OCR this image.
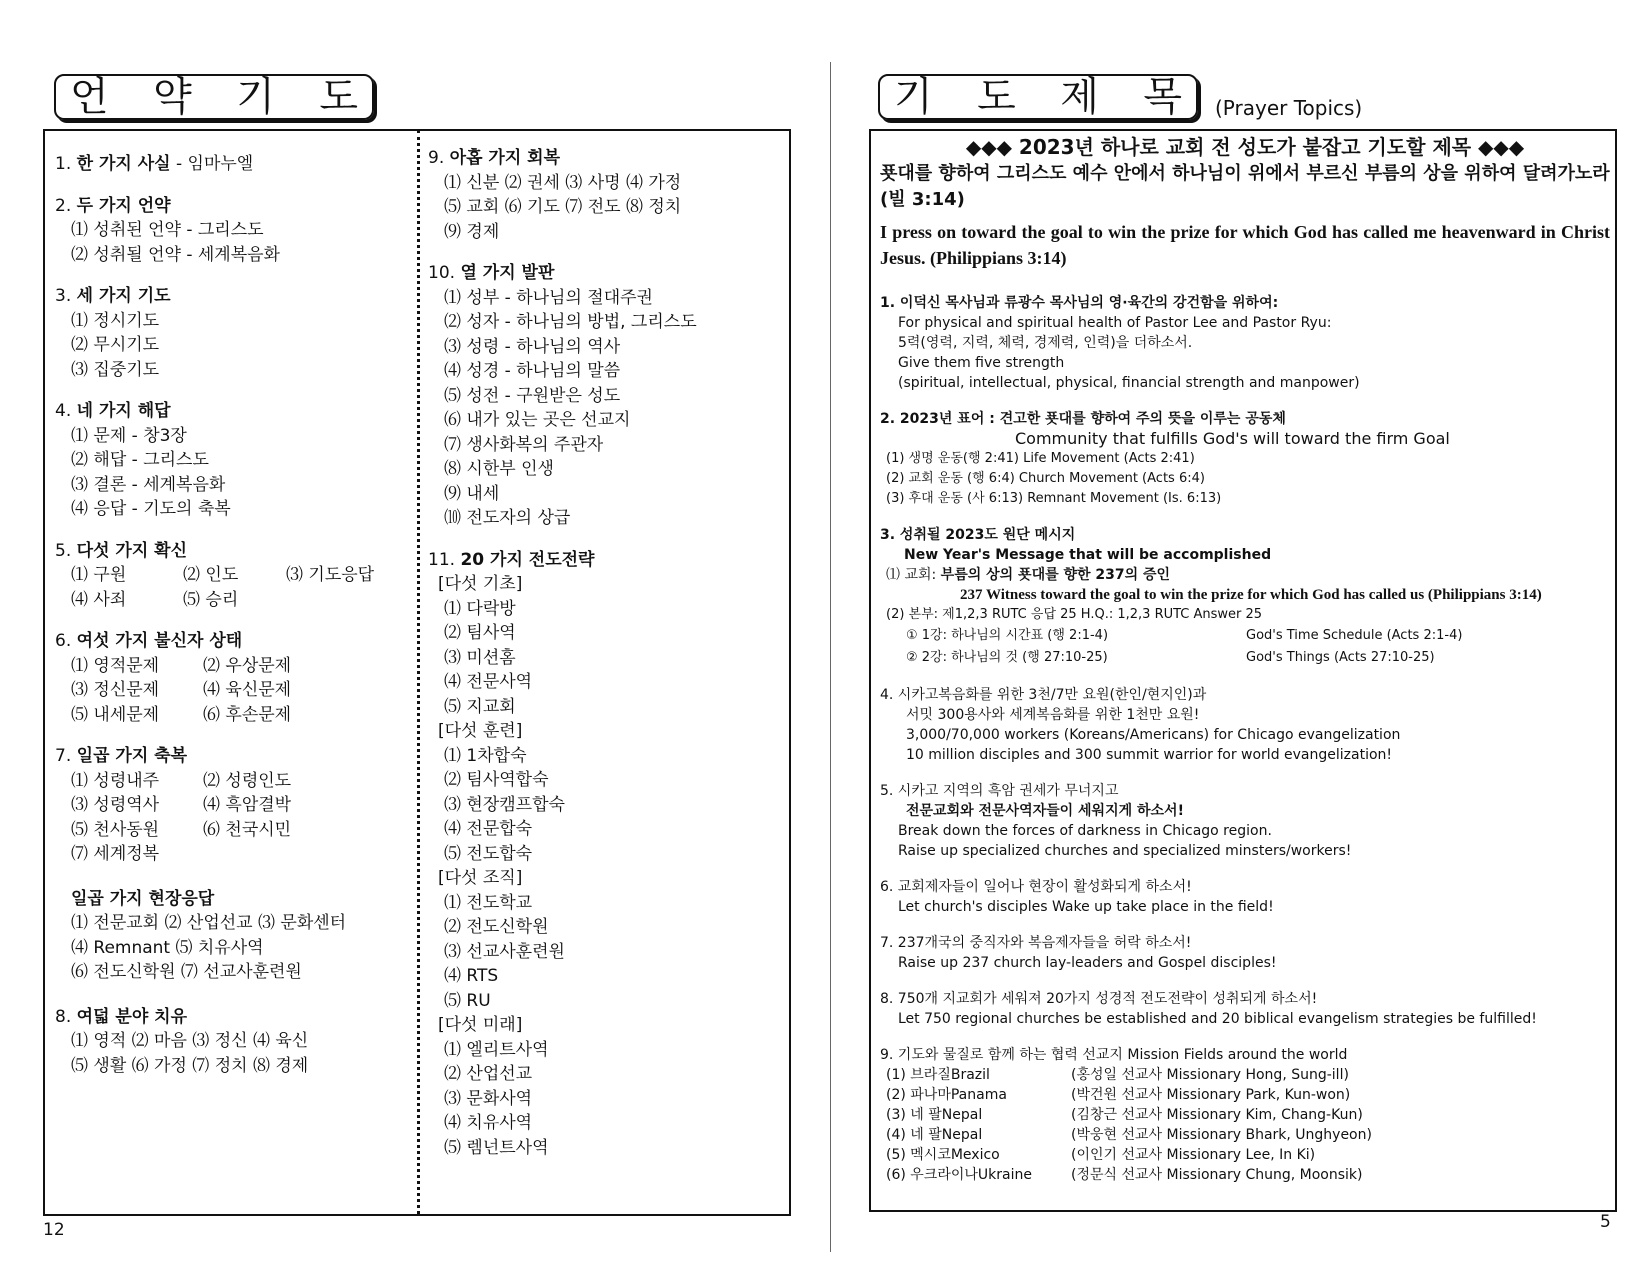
언 약 기 도	기 도 제 목 (Prayer Topics)
1. 한 가지 사실 - 임마누엘
2. 두 가지 언약
⑴ 성취된 언약 - 그리스도
⑵ 성취될 언약 - 세계복음화
3. 세 가지 기도
⑴ 정시기도
⑵ 무시기도
⑶ 집중기도
4. 네 가지 해답
⑴ 문제 - 창3장
⑵ 해답 - 그리스도
⑶ 결론 - 세계복음화
⑷ 응답 - 기도의 축복
5. 다섯 가지 확신
⑴ 구원	⑵ 인도	⑶ 기도응답
⑷ 사죄	⑸ 승리
6. 여섯 가지 불신자 상태
⑴ 영적문제	⑵ 우상문제
⑶ 정신문제	⑷ 육신문제
⑸ 내세문제	⑹ 후손문제
7. 일곱 가지 축복
⑴ 성령내주	⑵ 성령인도
⑶ 성령역사	⑷ 흑암결박
⑸ 천사동원	⑹ 천국시민
⑺ 세계정복
일곱 가지 현장응답
⑴ 전문교회 ⑵ 산업선교 ⑶ 문화센터
⑷ Remnant ⑸ 치유사역
⑹ 전도신학원 ⑺ 선교사훈련원
8. 여덟 분야 치유
⑴ 영적 ⑵ 마음 ⑶ 정신 ⑷ 육신
⑸ 생활 ⑹ 가정 ⑺ 정치 ⑻ 경제
9. 아홉 가지 회복
⑴ 신분 ⑵ 권세 ⑶ 사명 ⑷ 가정
⑸ 교회 ⑹ 기도 ⑺ 전도 ⑻ 정치
⑼ 경제
10. 열 가지 발판
⑴ 성부 - 하나님의 절대주권
⑵ 성자 - 하나님의 방법, 그리스도
⑶ 성령 - 하나님의 역사
⑷ 성경 - 하나님의 말씀
⑸ 성전 - 구원받은 성도
⑹ 내가 있는 곳은 선교지
⑺ 생사화복의 주관자
⑻ 시한부 인생
⑼ 내세
⑽ 전도자의 상급
11. 20 가지 전도전략
[다섯 기초]
⑴ 다락방
⑵ 팀사역
⑶ 미션홈
⑷ 전문사역
⑸ 지교회
[다섯 훈련]
⑴ 1차합숙
⑵ 팀사역합숙
⑶ 현장캠프합숙
⑷ 전문합숙
⑸ 전도합숙
[다섯 조직]
⑴ 전도학교
⑵ 전도신학원
⑶ 선교사훈련원
⑷ RTS
⑸ RU
[다섯 미래]
⑴ 엘리트사역
⑵ 산업선교
⑶ 문화사역
⑷ 치유사역
⑸ 렘넌트사역
12
◆◆◆ 2023년 하나로 교회 전 성도가 붙잡고 기도할 제목 ◆◆◆
푯대를 향하여 그리스도 예수 안에서 하나님이 위에서 부르신 부름의 상을 위하여 달려가노라(빌 3:14)
I press on toward the goal to win the prize for which God has called me heavenward in Christ Jesus. (Philippians 3:14)
1. 이덕신 목사님과 류광수 목사님의 영·육간의 강건함을 위하여:
For physical and spiritual health of Pastor Lee and Pastor Ryu:
5력(영력, 지력, 체력, 경제력, 인력)을 더하소서.
Give them five strength
(spiritual, intellectual, physical, financial strength and manpower)
2. 2023년 표어 : 견고한 푯대를 향하여 주의 뜻을 이루는 공동체
Community that fulfills God's will toward the firm Goal
(1) 생명 운동(행 2:41) Life Movement (Acts 2:41)
(2) 교회 운동 (행 6:4) Church Movement (Acts 6:4)
(3) 후대 운동 (사 6:13) Remnant Movement (Is. 6:13)
3. 성취될 2023도 원단 메시지
New Year's Message that will be accomplished
⑴ 교회: 부름의 상의 푯대를 향한 237의 증인
237 Witness toward the goal to win the prize for which God has called us (Philippians 3:14)
(2) 본부: 제1,2,3 RUTC 응답 25 H.Q.: 1,2,3 RUTC Answer 25
① 1강: 하나님의 시간표 (행 2:1-4)	God's Time Schedule (Acts 2:1-4)
② 2강: 하나님의 것 (행 27:10-25)	God's Things (Acts 27:10-25)
4. 시카고복음화를 위한 3천/7만 요원(한인/현지인)과
서밋 300용사와 세계복음화를 위한 1천만 요원!
3,000/70,000 workers (Koreans/Americans) for Chicago evangelization
10 million disciples and 300 summit warrior for world evangelization!
5. 시카고 지역의 흑암 권세가 무너지고
전문교회와 전문사역자들이 세워지게 하소서!
Break down the forces of darkness in Chicago region.
Raise up specialized churches and specialized minsters/workers!
6. 교회제자들이 일어나 현장이 활성화되게 하소서!
Let church's disciples Wake up take place in the field!
7. 237개국의 중직자와 복음제자들을 허락 하소서!
Raise up 237 church lay-leaders and Gospel disciples!
8. 750개 지교회가 세워져 20가지 성경적 전도전략이 성취되게 하소서!
Let 750 regional churches be established and 20 biblical evangelism strategies be fulfilled!
9. 기도와 물질로 함께 하는 협력 선교지 Mission Fields around the world
(1) 브라질Brazil	(홍성일 선교사 Missionary Hong, Sung-ill)
(2) 파나마Panama	(박건원 선교사 Missionary Park, Kun-won)
(3) 네 팔Nepal	(김창근 선교사 Missionary Kim, Chang-Kun)
(4) 네 팔Nepal	(박웅현 선교사 Missionary Bhark, Unghyeon)
(5) 멕시코Mexico	(이인기 선교사 Missionary Lee, In Ki)
(6) 우크라이나Ukraine	(정문식 선교사 Missionary Chung, Moonsik)
5
